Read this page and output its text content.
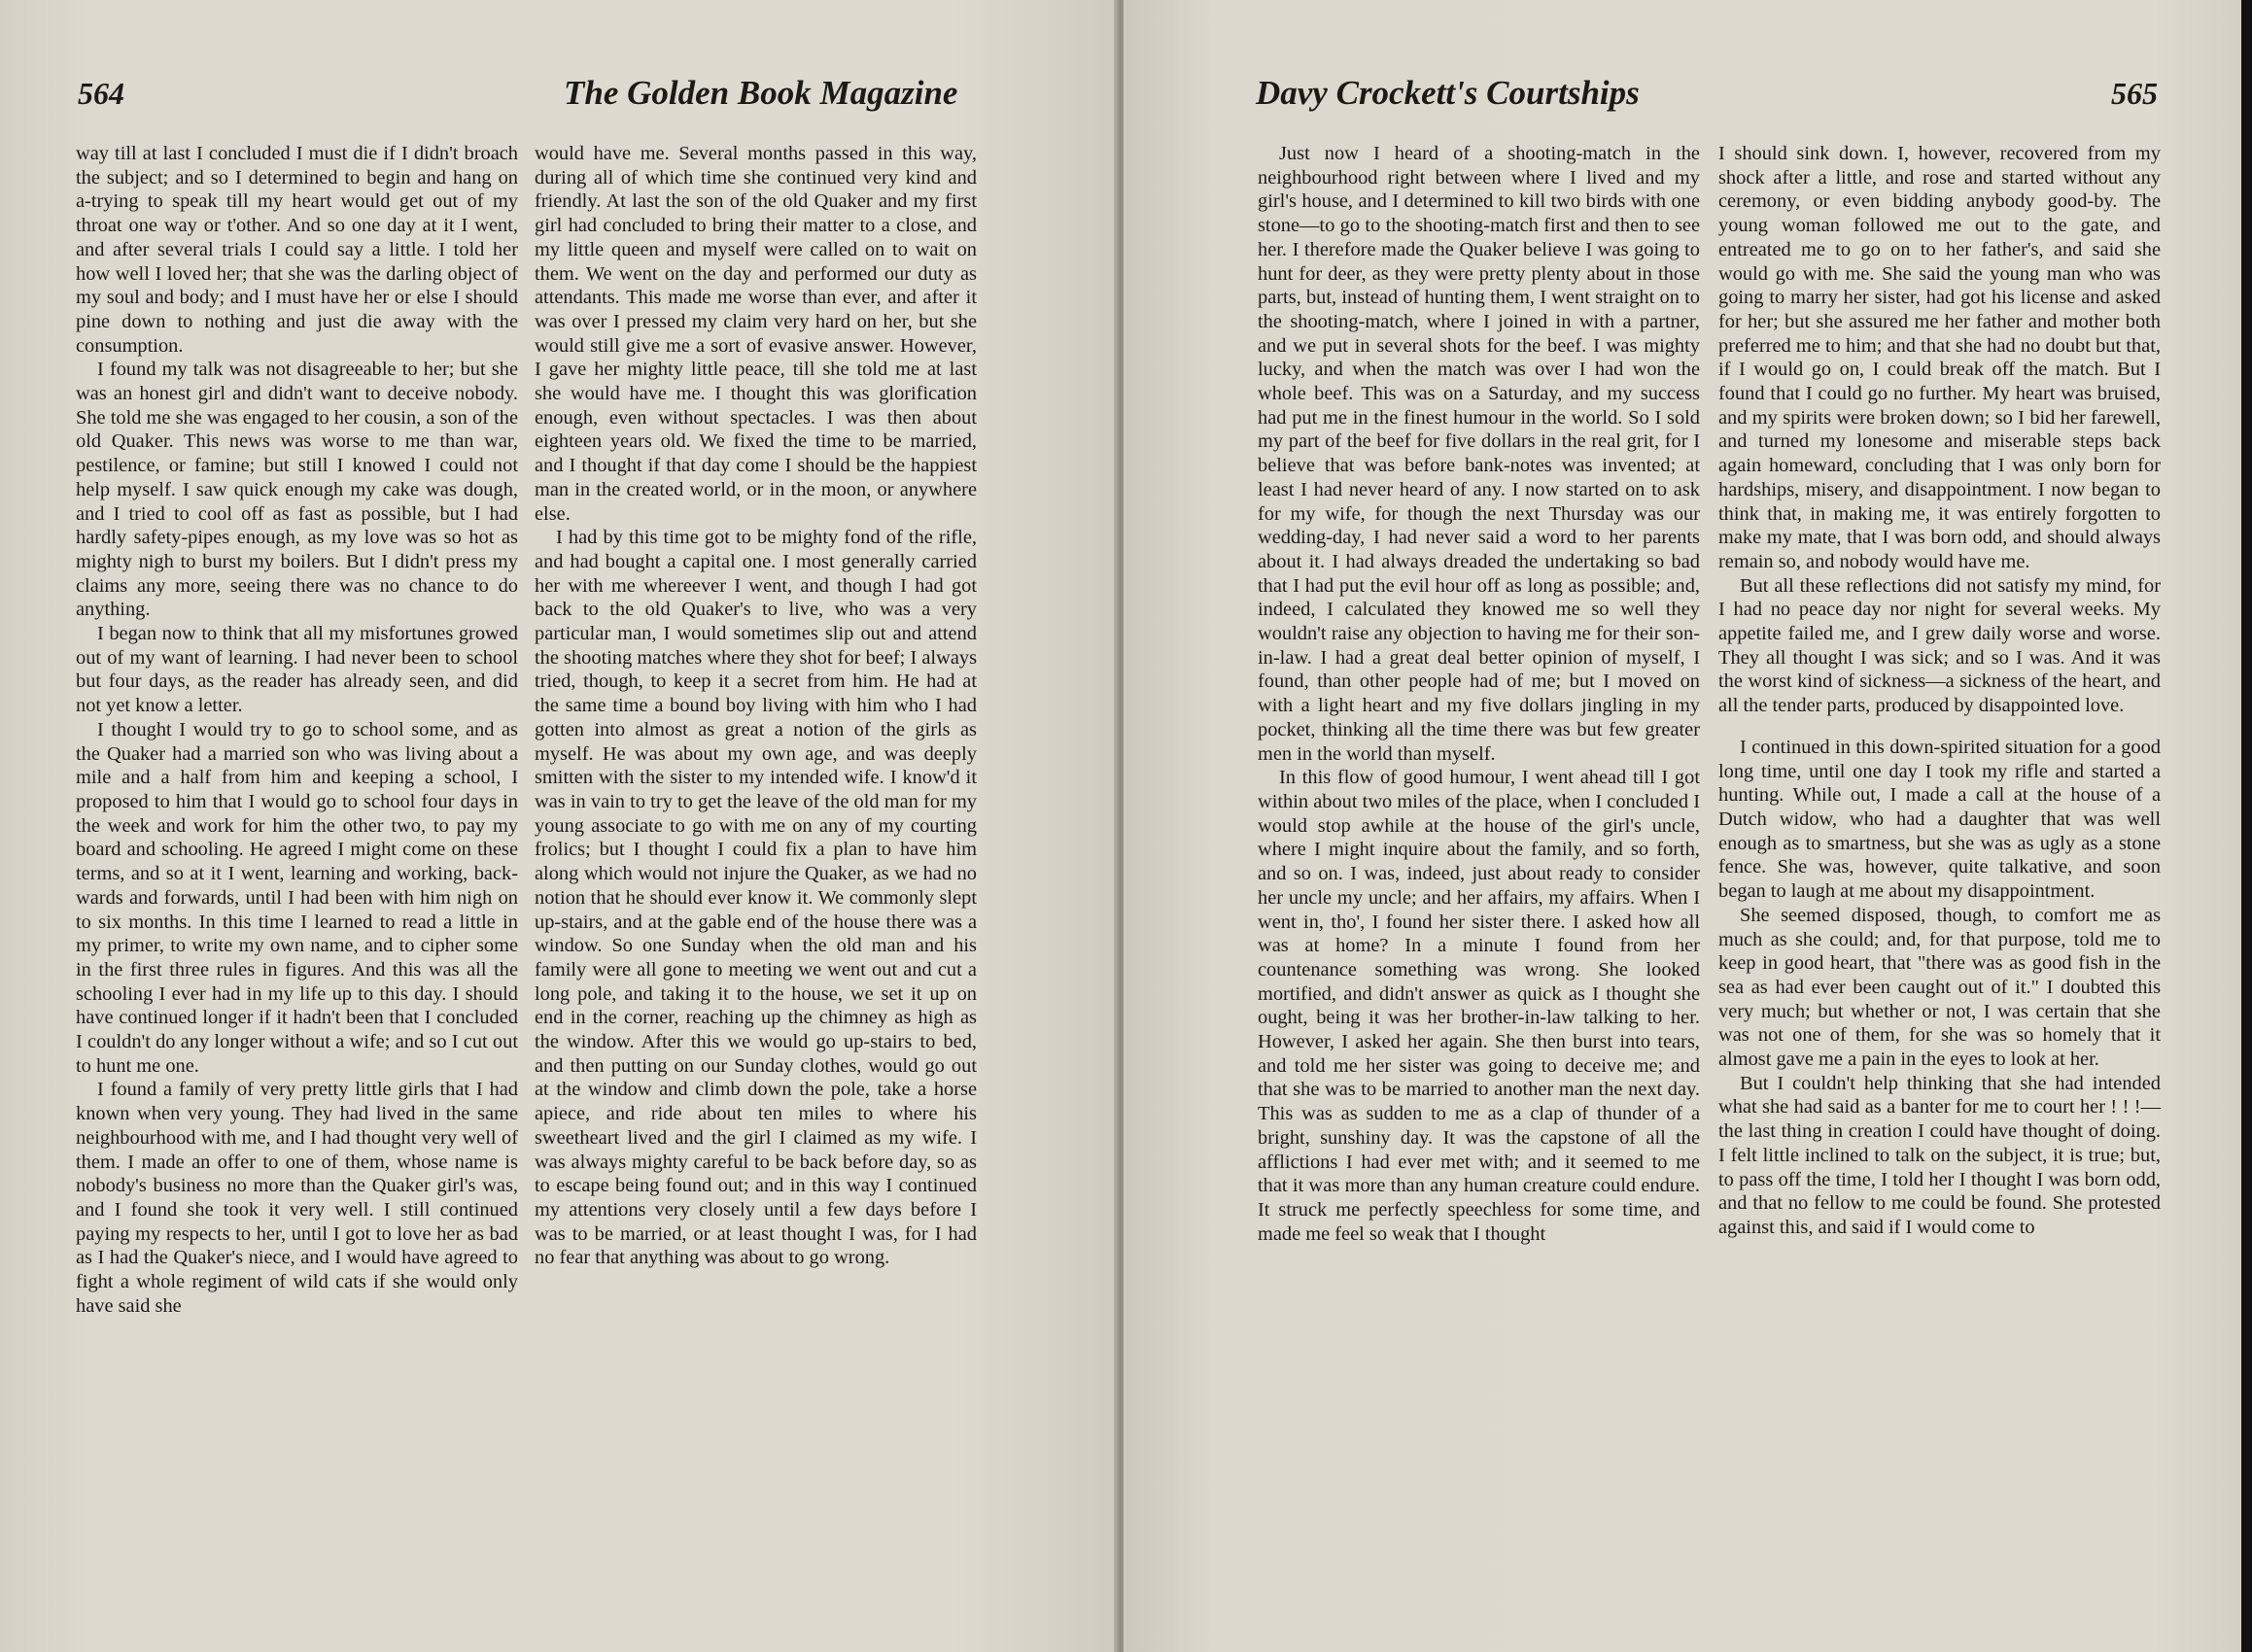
564	The Golden Book Magazine

way till at last I concluded I must die if I didn't broach the subject; and so I determined to begin and hang on a-trying to speak till my heart would get out of my throat one way or t'other. And so one day at it I went, and after several trials I could say a little. I told her how well I loved her; that she was the darling object of my soul and body; and I must have her or else I should pine down to nothing and just die away with the consumption.

I found my talk was not disagreeable to her; but she was an honest girl and didn't want to deceive nobody. She told me she was engaged to her cousin, a son of the old Quaker. This news was worse to me than war, pestilence, or famine; but still I knowed I could not help myself. I saw quick enough my cake was dough, and I tried to cool off as fast as possible, but I had hardly safety-pipes enough, as my love was so hot as mighty nigh to burst my boilers. But I didn't press my claims any more, seeing there was no chance to do anything.

I began now to think that all my misfortunes growed out of my want of learning. I had never been to school but four days, as the reader has already seen, and did not yet know a letter.

I thought I would try to go to school some, and as the Quaker had a married son who was living about a mile and a half from him and keeping a school, I proposed to him that I would go to school four days in the week and work for him the other two, to pay my board and schooling. He agreed I might come on these terms, and so at it I went, learning and working, backwards and forwards, until I had been with him nigh on to six months. In this time I learned to read a little in my primer, to write my own name, and to cipher some in the first three rules in figures. And this was all the schooling I ever had in my life up to this day. I should have continued longer if it hadn't been that I concluded I couldn't do any longer without a wife; and so I cut out to hunt me one.

I found a family of very pretty little girls that I had known when very young. They had lived in the same neighbourhood with me, and I had thought very well of them. I made an offer to one of them, whose name is nobody's business no more than the Quaker girl's was, and I found she took it very well. I still continued paying my respects to her, until I got to love her as bad as I had the Quaker's niece, and I would have agreed to fight a whole regiment of wild cats if she would only have said she

would have me. Several months passed in this way, during all of which time she continued very kind and friendly. At last the son of the old Quaker and my first girl had concluded to bring their matter to a close, and my little queen and myself were called on to wait on them. We went on the day and performed our duty as attendants. This made me worse than ever, and after it was over I pressed my claim very hard on her, but she would still give me a sort of evasive answer. However, I gave her mighty little peace, till she told me at last she would have me. I thought this was glorification enough, even without spectacles. I was then about eighteen years old. We fixed the time to be married, and I thought if that day come I should be the happiest man in the created world, or in the moon, or anywhere else.

I had by this time got to be mighty fond of the rifle, and had bought a capital one. I most generally carried her with me whereever I went, and though I had got back to the old Quaker's to live, who was a very particular man, I would sometimes slip out and attend the shooting matches where they shot for beef; I always tried, though, to keep it a secret from him. He had at the same time a bound boy living with him who I had gotten into almost as great a notion of the girls as myself. He was about my own age, and was deeply smitten with the sister to my intended wife. I know'd it was in vain to try to get the leave of the old man for my young associate to go with me on any of my courting frolics; but I thought I could fix a plan to have him along which would not injure the Quaker, as we had no notion that he should ever know it. We commonly slept up-stairs, and at the gable end of the house there was a window. So one Sunday when the old man and his family were all gone to meeting we went out and cut a long pole, and taking it to the house, we set it up on end in the corner, reaching up the chimney as high as the window. After this we would go up-stairs to bed, and then putting on our Sunday clothes, would go out at the window and climb down the pole, take a horse apiece, and ride about ten miles to where his sweetheart lived and the girl I claimed as my wife. I was always mighty careful to be back before day, so as to escape being found out; and in this way I continued my attentions very closely until a few days before I was to be married, or at least thought I was, for I had no fear that anything was about to go wrong.

Davy Crockett's Courtships	565

Just now I heard of a shooting-match in the neighbourhood right between where I lived and my girl's house, and I determined to kill two birds with one stone—to go to the shooting-match first and then to see her. I therefore made the Quaker believe I was going to hunt for deer, as they were pretty plenty about in those parts, but, instead of hunting them, I went straight on to the shooting-match, where I joined in with a partner, and we put in several shots for the beef. I was mighty lucky, and when the match was over I had won the whole beef. This was on a Saturday, and my success had put me in the finest humour in the world. So I sold my part of the beef for five dollars in the real grit, for I believe that was before bank-notes was invented; at least I had never heard of any. I now started on to ask for my wife, for though the next Thursday was our wedding-day, I had never said a word to her parents about it. I had always dreaded the undertaking so bad that I had put the evil hour off as long as possible; and, indeed, I calculated they knowed me so well they wouldn't raise any objection to having me for their son-in-law. I had a great deal better opinion of myself, I found, than other people had of me; but I moved on with a light heart and my five dollars jingling in my pocket, thinking all the time there was but few greater men in the world than myself.

In this flow of good humour, I went ahead till I got within about two miles of the place, when I concluded I would stop awhile at the house of the girl's uncle, where I might inquire about the family, and so forth, and so on. I was, indeed, just about ready to consider her uncle my uncle; and her affairs, my affairs. When I went in, tho', I found her sister there. I asked how all was at home? In a minute I found from her countenance something was wrong. She looked mortified, and didn't answer as quick as I thought she ought, being it was her brother-in-law talking to her. However, I asked her again. She then burst into tears, and told me her sister was going to deceive me; and that she was to be married to another man the next day. This was as sudden to me as a clap of thunder of a bright, sunshiny day. It was the capstone of all the afflictions I had ever met with; and it seemed to me that it was more than any human creature could endure. It struck me perfectly speechless for some time, and made me feel so weak that I thought

I should sink down. I, however, recovered from my shock after a little, and rose and started without any ceremony, or even bidding anybody good-by. The young woman followed me out to the gate, and entreated me to go on to her father's, and said she would go with me. She said the young man who was going to marry her sister, had got his license and asked for her; but she assured me her father and mother both preferred me to him; and that she had no doubt but that, if I would go on, I could break off the match. But I found that I could go no further. My heart was bruised, and my spirits were broken down; so I bid her farewell, and turned my lonesome and miserable steps back again homeward, concluding that I was only born for hardships, misery, and disappointment. I now began to think that, in making me, it was entirely forgotten to make my mate, that I was born odd, and should always remain so, and nobody would have me.

But all these reflections did not satisfy my mind, for I had no peace day nor night for several weeks. My appetite failed me, and I grew daily worse and worse. They all thought I was sick; and so I was. And it was the worst kind of sickness—a sickness of the heart, and all the tender parts, produced by disappointed love.

I continued in this down-spirited situation for a good long time, until one day I took my rifle and started a hunting. While out, I made a call at the house of a Dutch widow, who had a daughter that was well enough as to smartness, but she was as ugly as a stone fence. She was, however, quite talkative, and soon began to laugh at me about my disappointment.

She seemed disposed, though, to comfort me as much as she could; and, for that purpose, told me to keep in good heart, that "there was as good fish in the sea as had ever been caught out of it." I doubted this very much; but whether or not, I was certain that she was not one of them, for she was so homely that it almost gave me a pain in the eyes to look at her.

But I couldn't help thinking that she had intended what she had said as a banter for me to court her ! ! !—the last thing in creation I could have thought of doing. I felt little inclined to talk on the subject, it is true; but, to pass off the time, I told her I thought I was born odd, and that no fellow to me could be found. She protested against this, and said if I would come to
